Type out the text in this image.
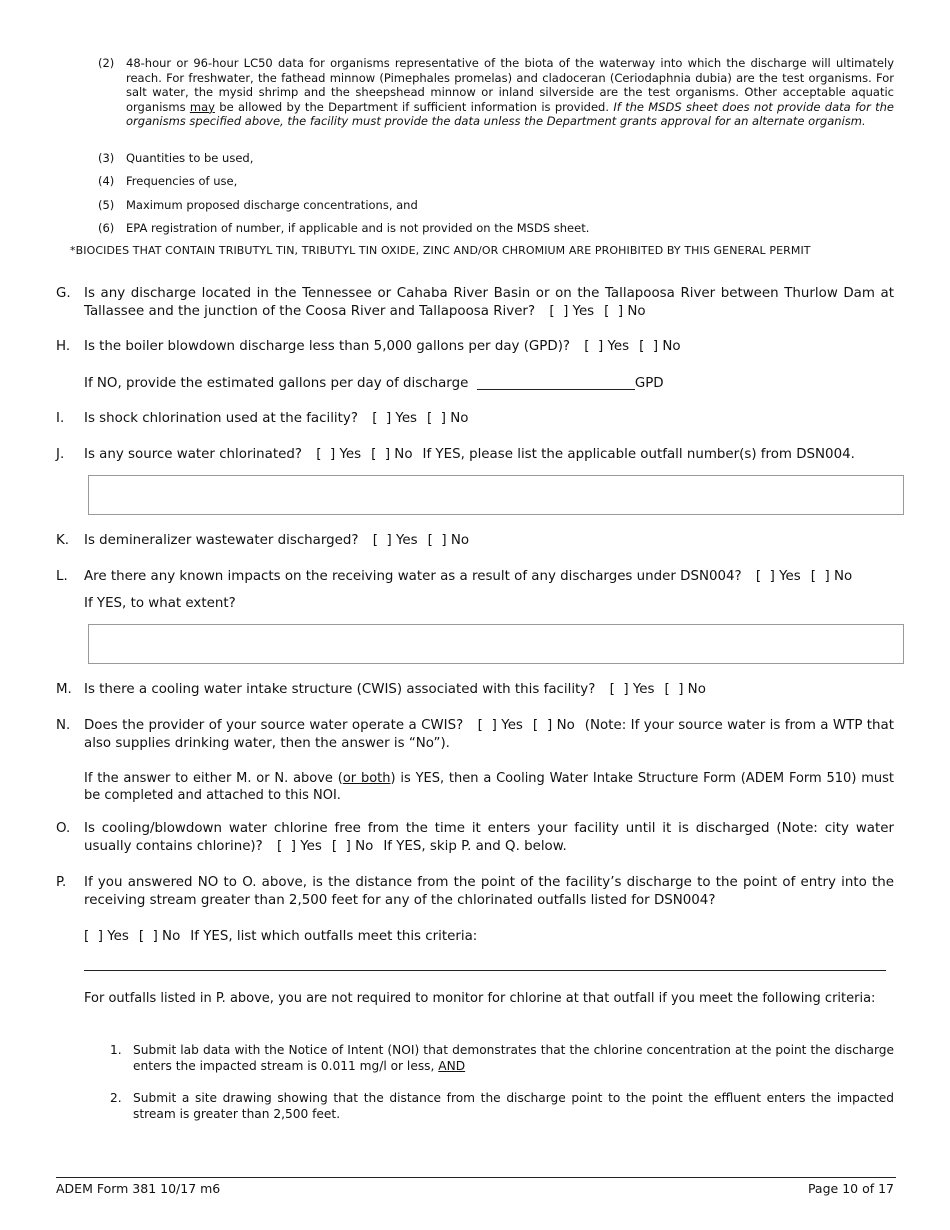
(2) 48-hour or 96-hour LC50 data for organisms representative of the biota of the waterway into which the discharge will ultimately reach. For freshwater, the fathead minnow (Pimephales promelas) and cladoceran (Ceriodaphnia dubia) are the test organisms. For salt water, the mysid shrimp and the sheepshead minnow or inland silverside are the test organisms. Other acceptable aquatic organisms may be allowed by the Department if sufficient information is provided. If the MSDS sheet does not provide data for the organisms specified above, the facility must provide the data unless the Department grants approval for an alternate organism.
(3) Quantities to be used,
(4) Frequencies of use,
(5) Maximum proposed discharge concentrations, and
(6) EPA registration of number, if applicable and is not provided on the MSDS sheet.
*BIOCIDES THAT CONTAIN TRIBUTYL TIN, TRIBUTYL TIN OXIDE, ZINC AND/OR CHROMIUM ARE PROHIBITED BY THIS GENERAL PERMIT
G. Is any discharge located in the Tennessee or Cahaba River Basin or on the Tallapoosa River between Thurlow Dam at Tallassee and the junction of the Coosa River and Tallapoosa River? [  ] Yes [  ] No
H. Is the boiler blowdown discharge less than 5,000 gallons per day (GPD)? [  ] Yes [  ] No
If NO, provide the estimated gallons per day of discharge	GPD
I. Is shock chlorination used at the facility? [  ] Yes [  ] No
J. Is any source water chlorinated? [  ] Yes [  ] No If YES, please list the applicable outfall number(s) from DSN004.
K. Is demineralizer wastewater discharged? [  ] Yes [  ] No
L. Are there any known impacts on the receiving water as a result of any discharges under DSN004? [  ] Yes [  ] No
If YES, to what extent?
M. Is there a cooling water intake structure (CWIS) associated with this facility? [  ] Yes [  ] No
N. Does the provider of your source water operate a CWIS? [  ] Yes [  ] No (Note: If your source water is from a WTP that also supplies drinking water, then the answer is “No”).
If the answer to either M. or N. above (or both) is YES, then a Cooling Water Intake Structure Form (ADEM Form 510) must be completed and attached to this NOI.
O. Is cooling/blowdown water chlorine free from the time it enters your facility until it is discharged (Note: city water usually contains chlorine)? [  ] Yes [  ] No If YES, skip P. and Q. below.
P. If you answered NO to O. above, is the distance from the point of the facility’s discharge to the point of entry into the receiving stream greater than 2,500 feet for any of the chlorinated outfalls listed for DSN004?
[  ] Yes [  ] No If YES, list which outfalls meet this criteria:
For outfalls listed in P. above, you are not required to monitor for chlorine at that outfall if you meet the following criteria:
1. Submit lab data with the Notice of Intent (NOI) that demonstrates that the chlorine concentration at the point the discharge enters the impacted stream is 0.011 mg/l or less, AND
2. Submit a site drawing showing that the distance from the discharge point to the point the effluent enters the impacted stream is greater than 2,500 feet.
ADEM Form 381 10/17 m6	Page 10 of 17
